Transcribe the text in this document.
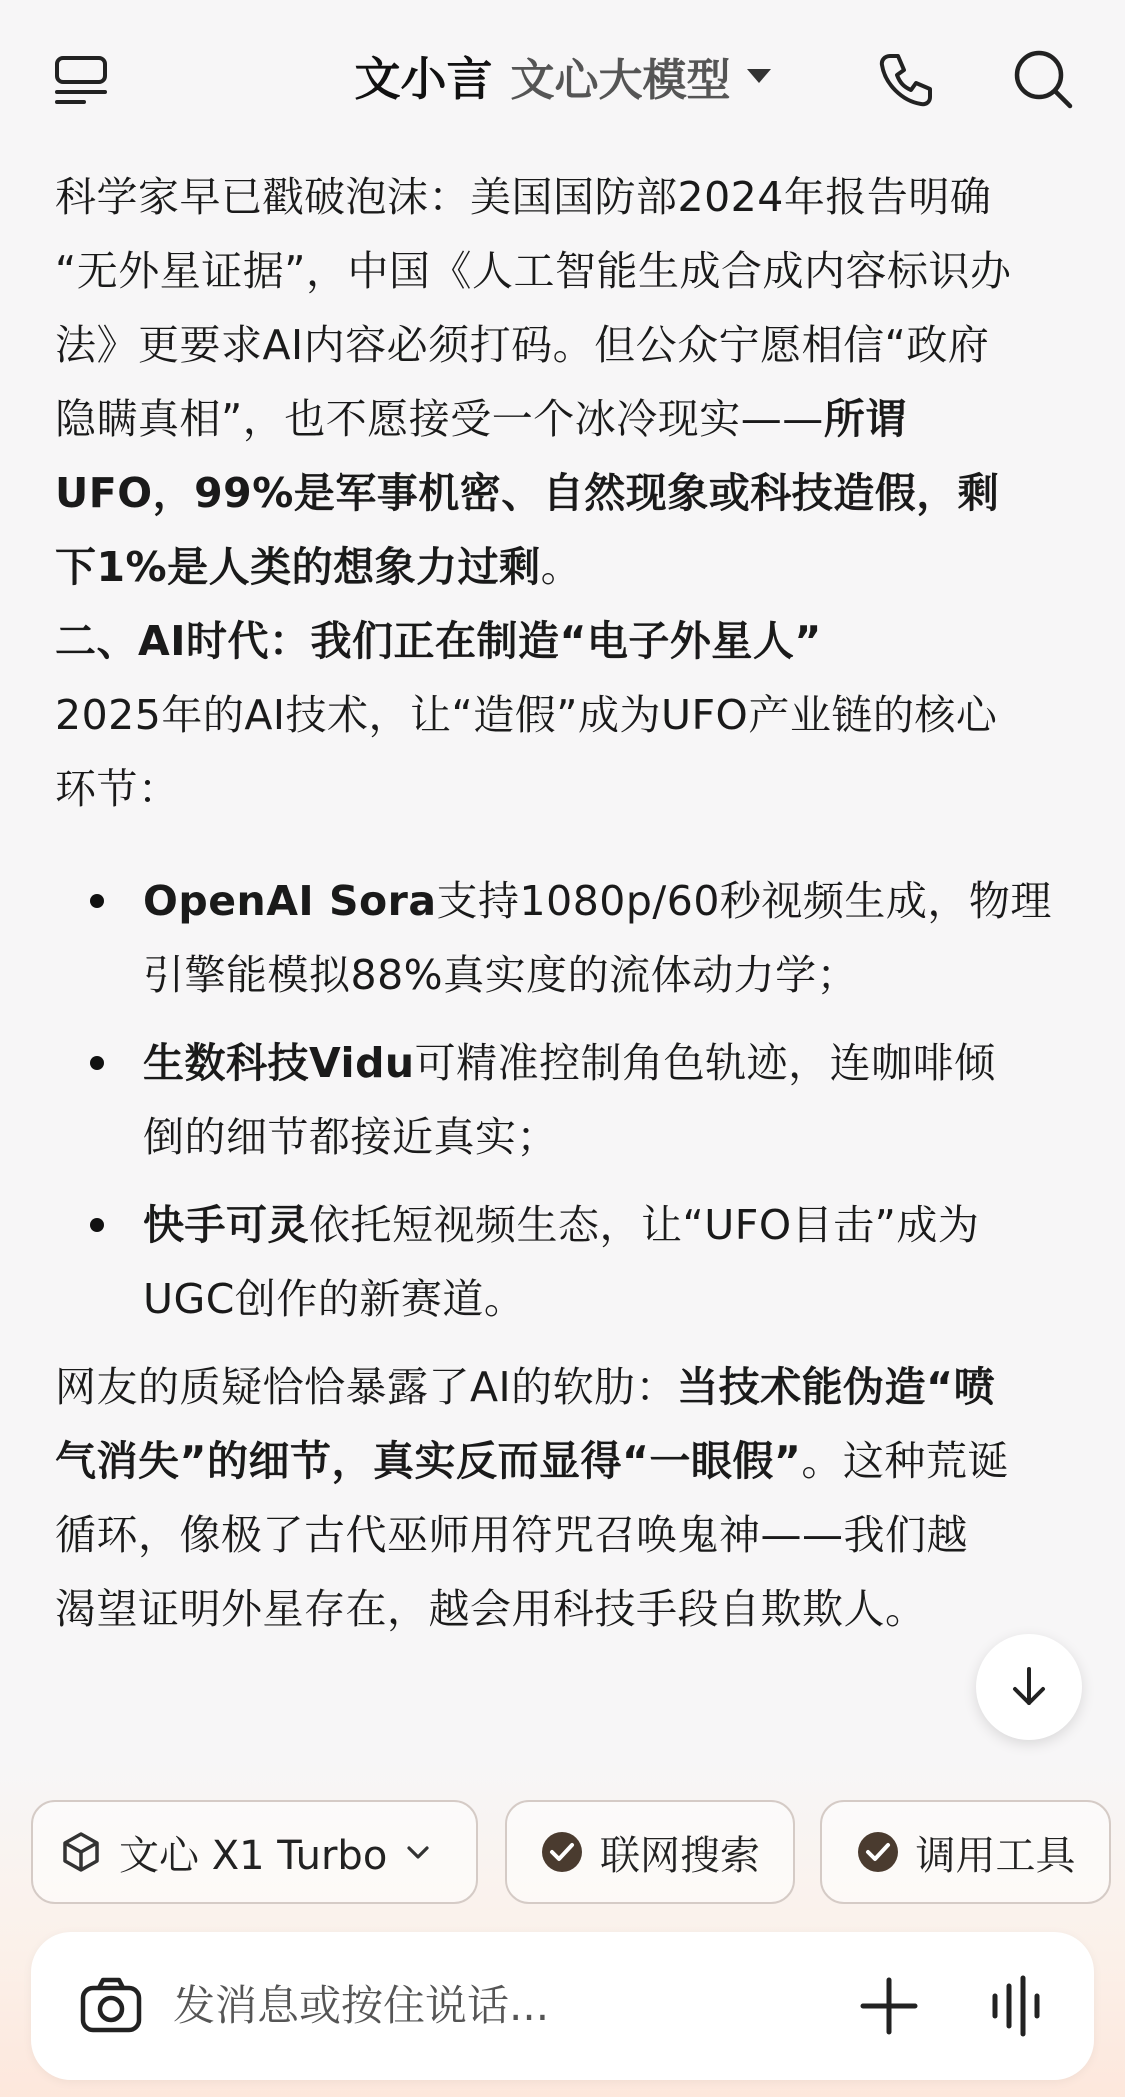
文小言 文心大模型

科学家早已戳破泡沫：美国国防部2024年报告明确
“无外星证据”，中国《人工智能生成合成内容标识办
法》更要求AI内容必须打码。但公众宁愿相信“政府
隐瞒真相”，也不愿接受一个冰冷现实——所谓
UFO，99%是军事机密、自然现象或科技造假，剩
下1%是人类的想象力过剩。

二、AI时代：我们正在制造“电子外星人”

2025年的AI技术，让“造假”成为UFO产业链的核心
环节：

OpenAI Sora支持1080p/60秒视频生成，物理
引擎能模拟88%真实度的流体动力学；
生数科技Vidu可精准控制角色轨迹，连咖啡倾
倒的细节都接近真实；
快手可灵依托短视频生态，让“UFO目击”成为
UGC创作的新赛道。

网友的质疑恰恰暴露了AI的软肋：当技术能伪造“喷
气消失”的细节，真实反而显得“一眼假”。这种荒诞
循环，像极了古代巫师用符咒召唤鬼神——我们越
渴望证明外星存在，越会用科技手段自欺欺人。

文心 X1 Turbo	联网搜索	调用工具
发消息或按住说话...
